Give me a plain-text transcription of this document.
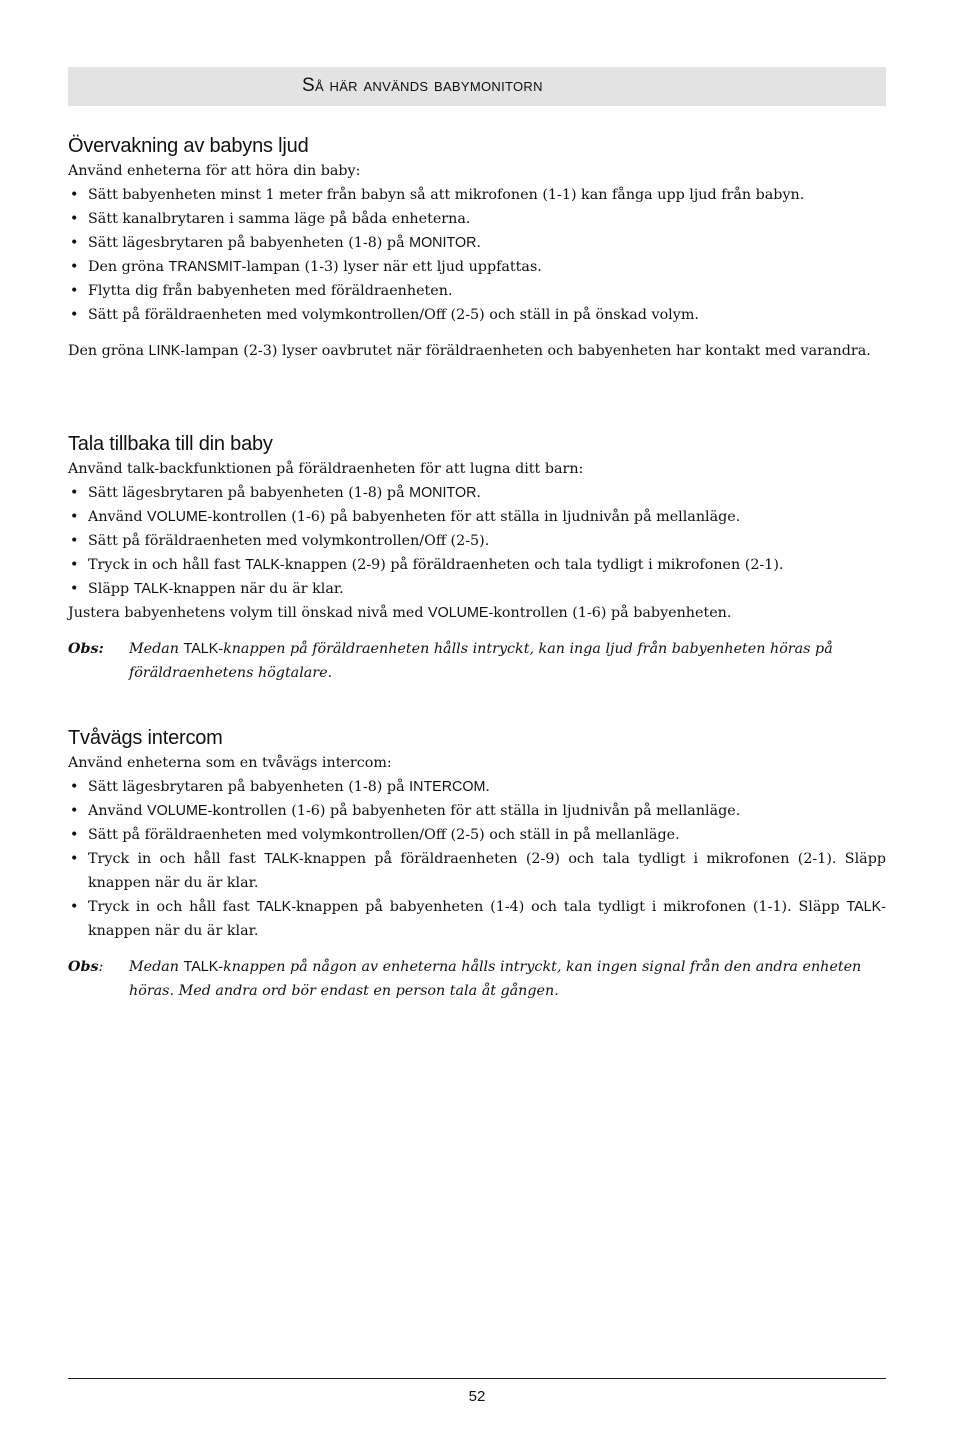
Så här används babymonitorn
Övervakning av babyns ljud

Använd enheterna för att höra din baby:

• Sätt babyenheten minst 1 meter från babyn så att mikrofonen (1-1) kan fånga upp ljud från babyn.
• Sätt kanalbrytaren i samma läge på båda enheterna.
• Sätt lägesbrytaren på babyenheten (1-8) på MONITOR.
• Den gröna TRANSMIT-lampan (1-3) lyser när ett ljud uppfattas.
• Flytta dig från babyenheten med föräldraenheten.
• Sätt på föräldraenheten med volymkontrollen/Off (2-5) och ställ in på önskad volym.

Den gröna LINK-lampan (2-3) lyser oavbrutet när föräldraenheten och babyenheten har kontakt med varandra.

Tala tillbaka till din baby

Använd talk-backfunktionen på föräldraenheten för att lugna ditt barn:

• Sätt lägesbrytaren på babyenheten (1-8) på MONITOR.
• Använd VOLUME-kontrollen (1-6) på babyenheten för att ställa in ljudnivån på mellanläge.
• Sätt på föräldraenheten med volymkontrollen/Off (2-5).
• Tryck in och håll fast TALK-knappen (2-9) på föräldraenheten och tala tydligt i mikrofonen (2-1).
• Släpp TALK-knappen när du är klar.

Justera babyenhetens volym till önskad nivå med VOLUME-kontrollen (1-6) på babyenheten.

Obs: Medan TALK-knappen på föräldraenheten hålls intryckt, kan inga ljud från babyenheten höras på föräldraenhetens högtalare.
Tvåvägs intercom

Använd enheterna som en tvåvägs intercom:

• Sätt lägesbrytaren på babyenheten (1-8) på INTERCOM.
• Använd VOLUME-kontrollen (1-6) på babyenheten för att ställa in ljudnivån på mellanläge.
• Sätt på föräldraenheten med volymkontrollen/Off (2-5) och ställ in på mellanläge.
• Tryck in och håll fast TALK-knappen på föräldraenheten (2-9) och tala tydligt i mikrofonen (2-1). Släpp knappen när du är klar.
• Tryck in och håll fast TALK-knappen på babyenheten (1-4) och tala tydligt i mikrofonen (1-1). Släpp TALK-knappen när du är klar.
Obs: Medan TALK-knappen på någon av enheterna hålls intryckt, kan ingen signal från den andra enheten höras. Med andra ord bör endast en person tala åt gången.
52
